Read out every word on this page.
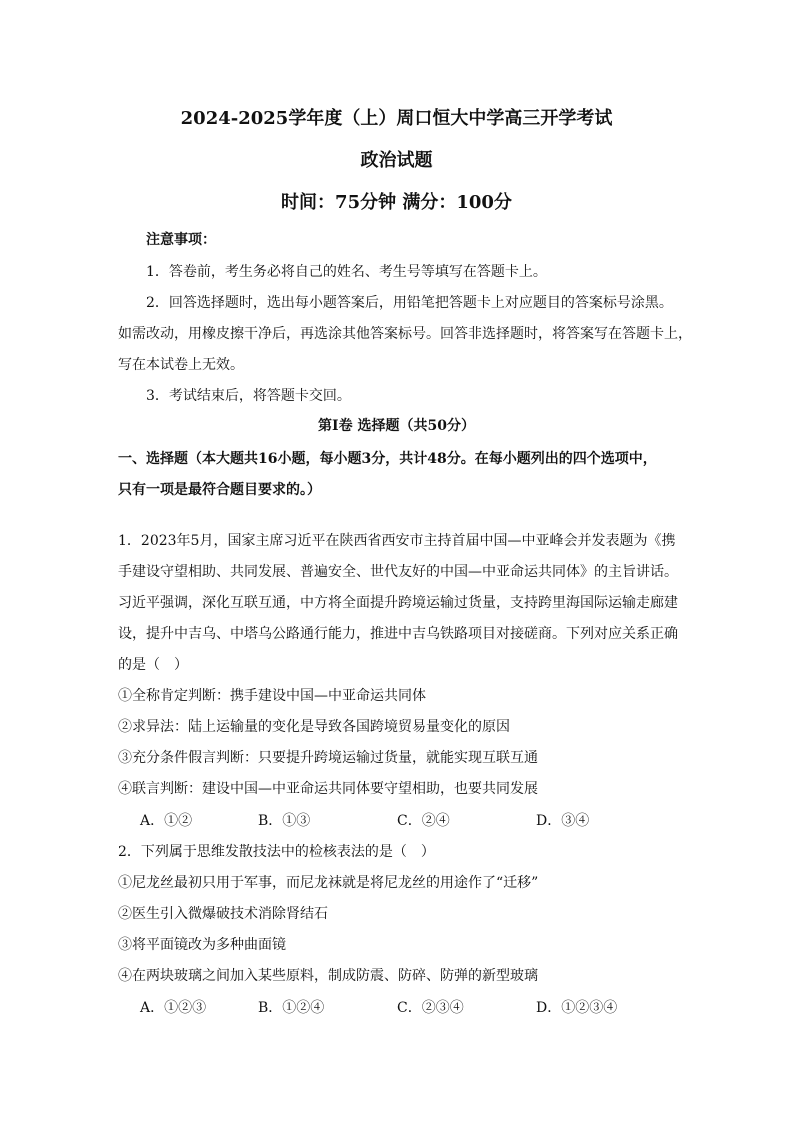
2024-2025学年度（上）周口恒大中学高三开学考试
政治试题
时间：75分钟 满分：100分
注意事项：
1．答卷前，考生务必将自己的姓名、考生号等填写在答题卡上。
2．回答选择题时，选出每小题答案后，用铅笔把答题卡上对应题目的答案标号涂黑。
如需改动，用橡皮擦干净后，再选涂其他答案标号。回答非选择题时，将答案写在答题卡上，
写在本试卷上无效。
3．考试结束后，将答题卡交回。
第Ⅰ卷 选择题（共50分）
一、选择题（本大题共16小题，每小题3分，共计48分。在每小题列出的四个选项中，
只有一项是最符合题目要求的。）
1．2023年5月，国家主席习近平在陕西省西安市主持首届中国—中亚峰会并发表题为《携
手建设守望相助、共同发展、普遍安全、世代友好的中国—中亚命运共同体》的主旨讲话。
习近平强调，深化互联互通，中方将全面提升跨境运输过货量，支持跨里海国际运输走廊建
设，提升中吉乌、中塔乌公路通行能力，推进中吉乌铁路项目对接磋商。下列对应关系正确
的是（　）
①全称肯定判断：携手建设中国—中亚命运共同体
②求异法：陆上运输量的变化是导致各国跨境贸易量变化的原因
③充分条件假言判断：只要提升跨境运输过货量，就能实现互联互通
④联言判断：建设中国—中亚命运共同体要守望相助，也要共同发展
A．①②	B．①③	C．②④	D．③④
2．下列属于思维发散技法中的检核表法的是（　）
①尼龙丝最初只用于军事，而尼龙袜就是将尼龙丝的用途作了“迁移”
②医生引入微爆破技术消除肾结石
③将平面镜改为多种曲面镜
④在两块玻璃之间加入某些原料，制成防震、防碎、防弹的新型玻璃
A．①②③	B．①②④	C．②③④	D．①②③④
